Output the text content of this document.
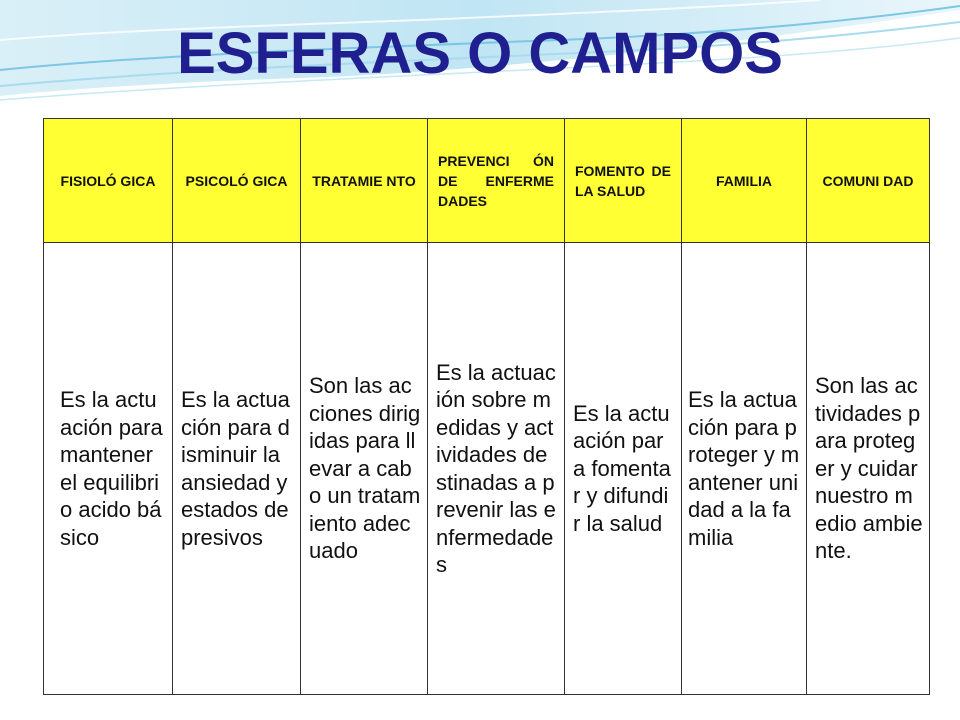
ESFERAS O CAMPOS
FISIOLÓ GICA	PSICOLÓ GICA	TRATAMIE NTO	PREVENCI ÓN DE ENFERME DADES	FOMENTO DE LA SALUD	FAMILIA	COMUNI DAD
Es la actuación para mantener el equilibrio acido básico	Es la actuación para disminuir la ansiedad y estados depresivos	Son las acciones dirigidas para llevar a cabo un tratamiento adecuado	Es la actuación sobre medidas y actividades destinadas a prevenir las enfermedades	Es la actuación para fomentar y difundir la salud	Es la actuación para proteger y mantener unidad a la familia	Son las actividades para proteger y cuidar nuestro medio ambiente.
